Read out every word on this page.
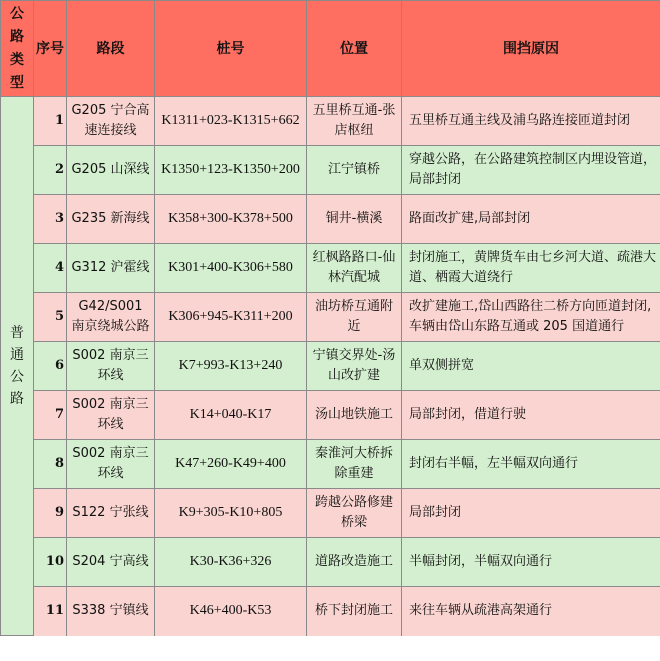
公
路
类
型	序号	路段	桩号	位置	围挡原因

普
通
公
路	1	G205 宁合高速连接线	K1311+023-K1315+662	五里桥互通-张店枢纽	五里桥互通主线及浦乌路连接匝道封闭
	2	G205 山深线	K1350+123-K1350+200	江宁镇桥	穿越公路，在公路建筑控制区内埋设管道，局部封闭
	3	G235 新海线	K358+300-K378+500	铜井-横溪	路面改扩建,局部封闭
	4	G312 沪霍线	K301+400-K306+580	红枫路路口-仙林汽配城	封闭施工，黄牌货车由七乡河大道、疏港大道、栖霞大道绕行
	5	G42/S001 南京绕城公路	K306+945-K311+200	油坊桥互通附近	改扩建施工,岱山西路往二桥方向匝道封闭,车辆由岱山东路互通或 205 国道通行
	6	S002 南京三环线	K7+993-K13+240	宁镇交界处-汤山改扩建	单双侧拼宽
	7	S002 南京三环线	K14+040-K17	汤山地铁施工	局部封闭，借道行驶
	8	S002 南京三环线	K47+260-K49+400	秦淮河大桥拆除重建	封闭右半幅，左半幅双向通行
	9	S122 宁张线	K9+305-K10+805	跨越公路修建桥梁	局部封闭
	10	S204 宁高线	K30-K36+326	道路改造施工	半幅封闭，半幅双向通行
	11	S338 宁镇线	K46+400-K53	桥下封闭施工	来往车辆从疏港高架通行
